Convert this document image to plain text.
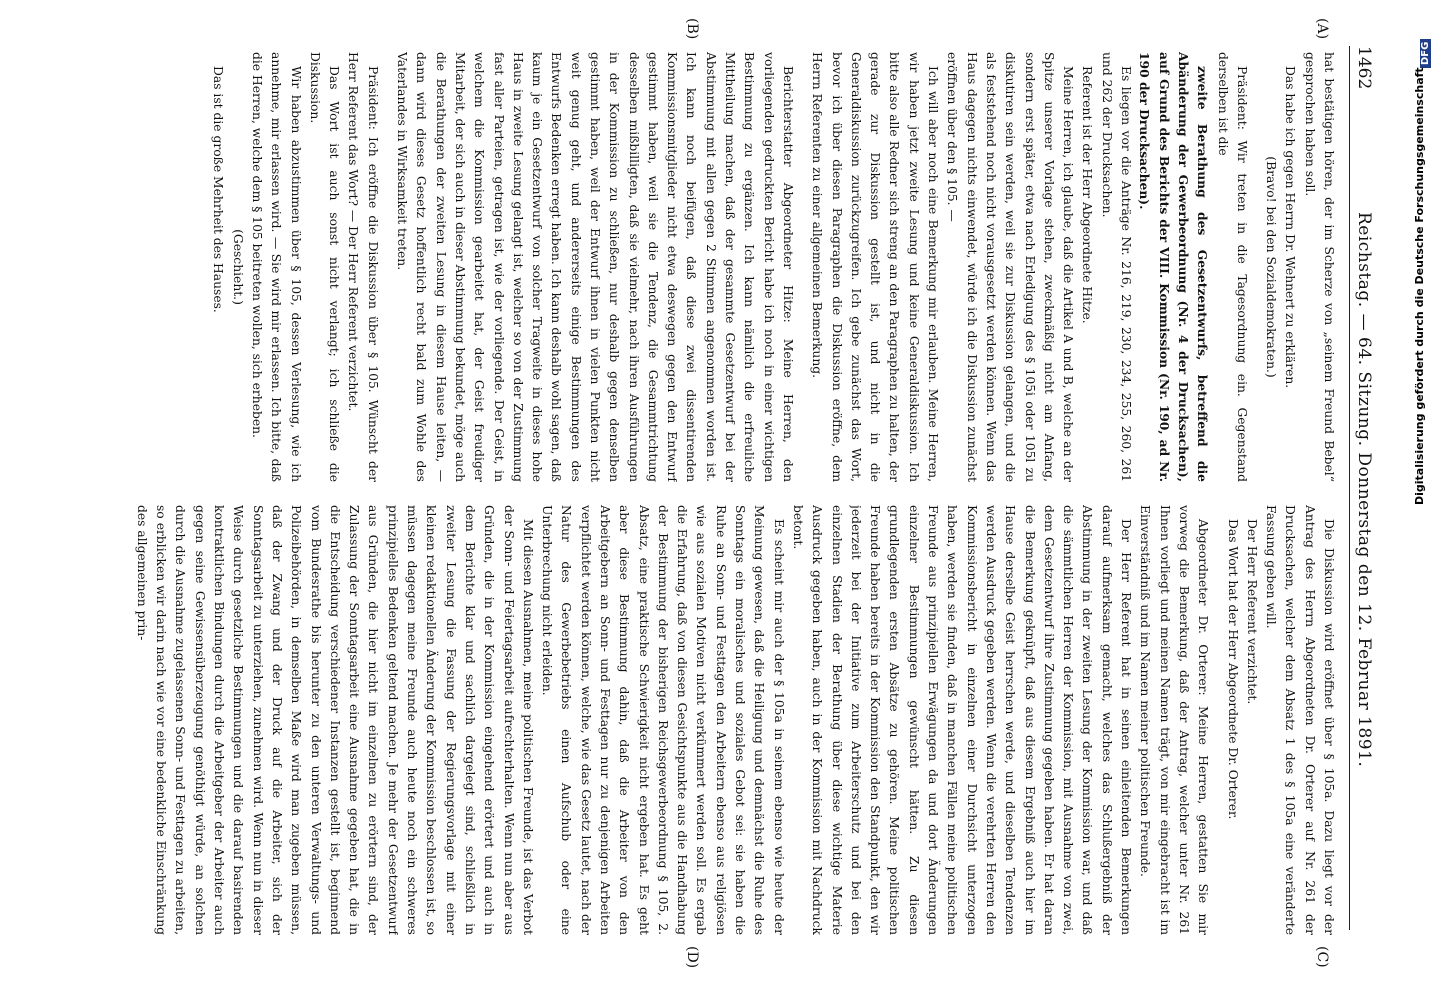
1462
Reichstag. — 64. Sitzung. Donnerstag den 12. Februar 1891.
(A)
(B)
(C)
(D)

hat bestätigen hören, der im Scherze von „seinem Freund Bebel“ gesprochen haben soll.

Das habe ich gegen Herrn Dr. Wehnert zu erklären.

(Bravo! bei den Sozialdemokraten.)

Präsident: Wir treten in die Tagesordnung ein. Gegenstand derselben ist die

zweite Berathung des Gesetzentwurfs, betreffend die Abänderung der Gewerbeordnung (Nr. 4 der Drucksachen), auf Grund des Berichts der VIII. Kommission (Nr. 190, ad Nr. 190 der Drucksachen).

Es liegen vor die Anträge Nr. 216, 219, 230, 234, 255, 260, 261 und 262 der Drucksachen.

Referent ist der Herr Abgeordnete Hitze.

Meine Herren, ich glaube, daß die Artikel A und B, welche an der Spitze unserer Vorlage stehen, zweckmäßig nicht am Anfang, sondern erst später, etwa nach Erledigung des § 105i oder 105l zu diskutiren sein werden, weil sie zur Diskussion gelangen, und die als feststehend noch nicht vorausgesetzt werden können. Wenn das Haus dagegen nichts einwendet, würde ich die Diskussion zunächst eröffnen über den § 105. —

Ich will aber noch eine Bemerkung mir erlauben. Meine Herren, wir haben jetzt zweite Lesung und keine Generaldiskussion. Ich bitte also alle Redner sich streng an den Paragraphen zu halten, der gerade zur Diskussion gestellt ist, und nicht in die Generaldiskussion zurückzugreifen. Ich gebe zunächst das Wort, bevor ich über diesen Paragraphen die Diskussion eröffne, dem Herrn Referenten zu einer allgemeinen Bemerkung.

Berichterstatter Abgeordneter Hitze: Meine Herren, den vorliegenden gedruckten Bericht habe ich noch in einer wichtigen Bestimmung zu ergänzen. Ich kann nämlich die erfreuliche Mittheilung machen, daß der gesammte Gesetzentwurf bei der Abstimmung mit allen gegen 2 Stimmen angenommen worden ist. Ich kann noch beifügen, daß diese zwei dissentirenden Kommissionsmitglieder nicht etwa deswegen gegen den Entwurf gestimmt haben, weil sie die Tendenz, die Gesammtrichtung desselben mißbilligten, daß sie vielmehr, nach ihren Ausführungen in der Kommission zu schließen, nur deshalb gegen denselben gestimmt haben, weil der Entwurf ihnen in vielen Punkten nicht weit genug geht, und andererseits einige Bestimmungen des Entwurfs Bedenken erregt haben. Ich kann deshalb wohl sagen, daß kaum je ein Gesetzentwurf von solcher Tragweite in dieses hohe Haus in zweite Lesung gelangt ist, welcher so von der Zustimmung fast aller Parteien, getragen ist, wie der vorliegende. Der Geist, in welchem die Kommission gearbeitet hat, der Geist freudiger Mitarbeit, der sich auch in dieser Abstimmung bekundet, möge auch die Berathungen der zweiten Lesung in diesem Hause leiten, — dann wird dieses Gesetz hoffentlich recht bald zum Wohle des Vaterlandes in Wirksamkeit treten.

Präsident: Ich eröffne die Diskussion über § 105. Wünscht der Herr Referent das Wort? — Der Herr Referent verzichtet.

Das Wort ist auch sonst nicht verlangt; ich schließe die Diskussion.

Wir haben abzustimmen über § 105, dessen Verlesung, wie ich annehme, mir erlassen wird. — Sie wird mir erlassen. Ich bitte, daß die Herren, welche dem § 105 beitreten wollen, sich erheben.

(Geschieht.)

Das ist die große Mehrheit des Hauses.

Die Diskussion wird eröffnet über § 105a. Dazu liegt vor der Antrag des Herrn Abgeordneten Dr. Orterer auf Nr. 261 der Drucksachen, welcher dem Absatz 1 des § 105a eine veränderte Fassung geben will.

Der Herr Referent verzichtet.

Das Wort hat der Herr Abgeordnete Dr. Orterer.

Abgeordneter Dr. Orterer: Meine Herren, gestatten Sie mir vorweg die Bemerkung, daß der Antrag, welcher unter Nr. 261 Ihnen vorliegt und meinen Namen trägt, von mir eingebracht ist im Einverständniß und im Namen meiner politischen Freunde.

Der Herr Referent hat in seinen einleitenden Bemerkungen darauf aufmerksam gemacht, welches das Schlußergebniß der Abstimmung in der zweiten Lesung der Kommission war, und daß die sämmtlichen Herren der Kommission, mit Ausnahme von zwei, dem Gesetzentwurf ihre Zustimmung gegeben haben. Er hat daran die Bemerkung geknüpft, daß aus diesem Ergebniß auch hier im Hause derselbe Geist herrschen werde, und dieselben Tendenzen werden Ausdruck gegeben werden. Wenn die verehrten Herren den Kommissionsbericht in einzelnen einer Durchsicht unterzogen haben, werden sie finden, daß in manchen Fällen meine politischen Freunde aus prinzipiellen Erwägungen da und dort Änderungen einzelner Bestimmungen gewünscht hätten. Zu diesen grundlegenden ersten Absätze zu gehören. Meine politischen Freunde haben bereits in der Kommission den Standpunkt, den wir jederzeit bei der Initiative zum Arbeiterschutz und bei den einzelnen Stadien der Berathung über diese wichtige Materie Ausdruck gegeben haben, auch in der Kommission mit Nachdruck betont.

Es scheint mir auch der § 105a in seinem ebenso wie heute der Meinung gewesen, daß die Heiligung und demnächst die Ruhe des Sonntags ein moralisches und soziales Gebot sei: sie haben die Ruhe an Sonn- und Festtagen den Arbeitern ebenso aus religiösen wie aus sozialen Motiven nicht verkümmert werden soll. Es ergab die Erfahrung, daß von diesen Gesichtspunkte aus die Handhabung der Bestimmung der bisherigen Reichsgewerbeordnung § 105, 2. Absatz, eine praktische Schwierigkeit nicht ergeben hat. Es geht aber diese Bestimmung dahin, daß die Arbeiter von den Arbeitgebern an Sonn- und Festtagen nur zu denjenigen Arbeiten verpflichtet werden können, welche, wie das Gesetz lautet, nach der Natur des Gewerbebetriebs einen Aufschub oder eine Unterbrechung nicht erleiden.

Mit diesen Ausnahmen, meine politischen Freunde, ist das Verbot der Sonn- und Feiertagsarbeit aufrechterhalten. Wenn nun aber aus Gründen, die in der Kommission eingehend erörtert und auch in dem Berichte klar und sachlich dargelegt sind, schließlich in zweiter Lesung die Fassung der Regierungsvorlage mit einer kleinen redaktionellen Änderung der Kommission beschlossen ist, so müssen dagegen meine Freunde auch heute noch ein schweres prinzipielles Bedenken geltend machen. Je mehr der Gesetzentwurf aus Gründen, die hier nicht im einzelnen zu erörtern sind, der Zulassung der Sonntagsarbeit eine Ausnahme gegeben hat, die in die Entscheidung verschiedener Instanzen gestellt ist, beginnend vom Bundesrathe bis herunter zu den unteren Verwaltungs- und Polizeibehörden, in demselben Maße wird man zugeben müssen, daß der Zwang und der Druck auf die Arbeiter, sich der Sonntagsarbeit zu unterziehen, zunehmen wird. Wenn nun in dieser Weise durch gesetzliche Bestimmungen und die darauf basirenden kontraktlichen Bindungen durch die Arbeitgeber der Arbeiter auch gegen seine Gewissensüberzeugung genöthigt würde, an solchen durch die Ausnahme zugelassenen Sonn- und Festtagen zu arbeiten, so erblicken wir darin nach wie vor eine bedenkliche Einschränkung des allgemeinen prin-

DFG
Digitalisierung gefördert durch die Deutsche Forschungsgemeinschaft
